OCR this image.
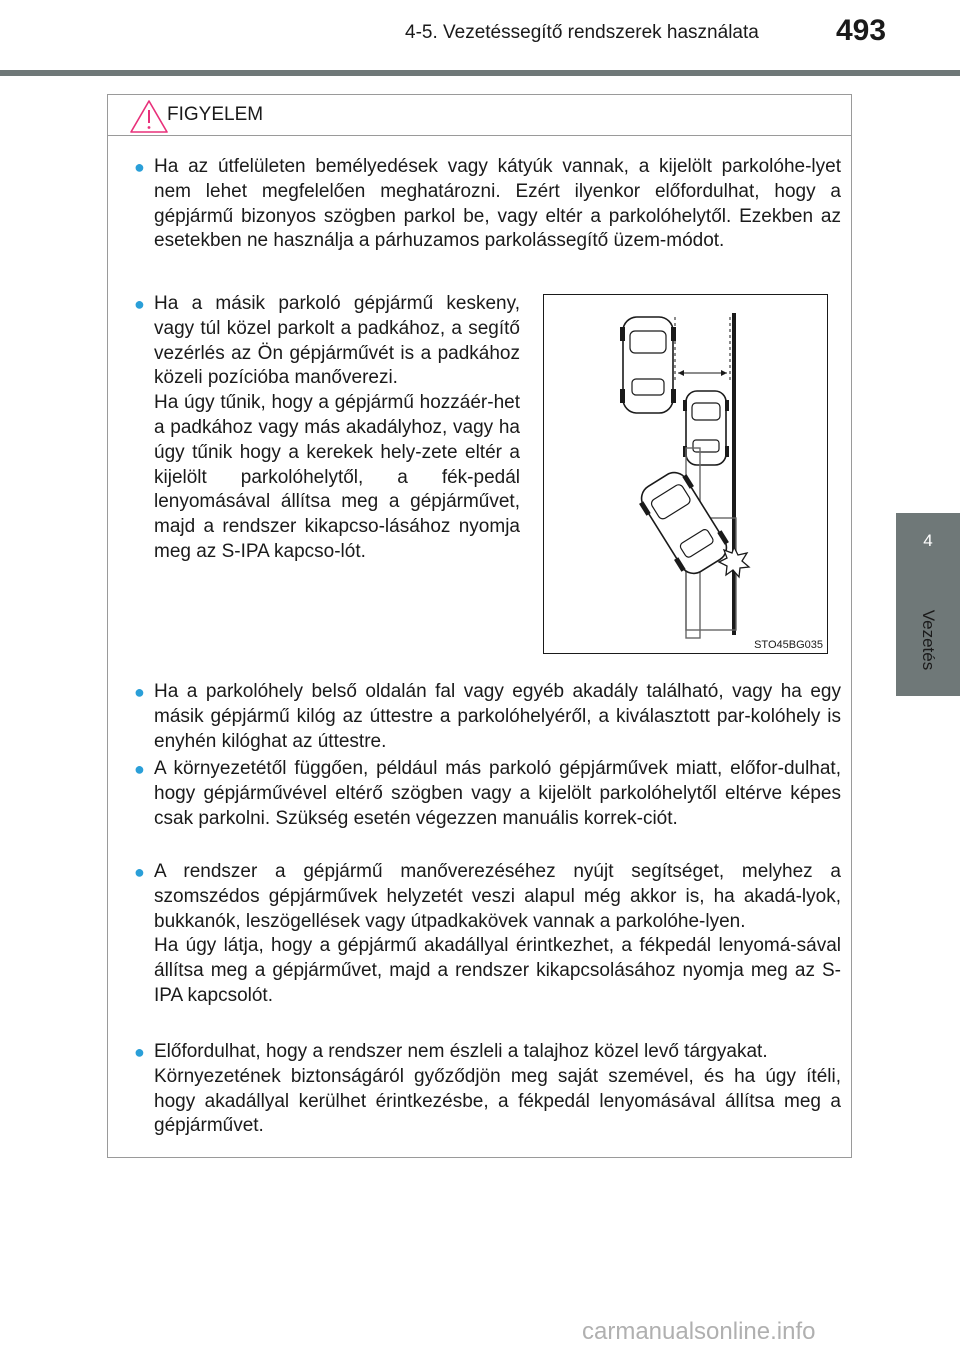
4-5. Vezetéssegítő rendszerek használata	493
4
Vezetés
FIGYELEM
● Ha az útfelületen bemélyedések vagy kátyúk vannak, a kijelölt parkolóhe-lyet nem lehet megfelelően meghatározni. Ezért ilyenkor előfordulhat, hogy a gépjármű bizonyos szögben parkol be, vagy eltér a parkolóhelytől. Ezekben az esetekben ne használja a párhuzamos parkolássegítő üzem-módot.

● Ha a másik parkoló gépjármű keskeny, vagy túl közel parkolt a padkához, a segítő vezérlés az Ön gépjárművét is a padkához közeli pozícióba manőverezi.

Ha úgy tűnik, hogy a gépjármű hozzáér-het a padkához vagy más akadályhoz, vagy ha úgy tűnik hogy a kerekek hely-zete eltér a kijelölt parkolóhelytől, a fék-pedál lenyomásával állítsa meg a gépjárművet, majd a rendszer kikapcso-lásához nyomja meg az S-IPA kapcso-lót.

STO45BG035
● Ha a parkolóhely belső oldalán fal vagy egyéb akadály található, vagy ha egy másik gépjármű kilóg az úttestre a parkolóhelyéről, a kiválasztott par-kolóhely is enyhén kilóghat az úttestre.

● A környezetétől függően, például más parkoló gépjárművek miatt, előfor-dulhat, hogy gépjárművével eltérő szögben vagy a kijelölt parkolóhelytől eltérve képes csak parkolni. Szükség esetén végezzen manuális korrek-ciót.

● A rendszer a gépjármű manőverezéséhez nyújt segítséget, melyhez a szomszédos gépjárművek helyzetét veszi alapul még akkor is, ha akadá-lyok, bukkanók, leszögellések vagy útpadkakövek vannak a parkolóhe-lyen.

Ha úgy látja, hogy a gépjármű akadállyal érintkezhet, a fékpedál lenyomá-sával állítsa meg a gépjárművet, majd a rendszer kikapcsolásához nyomja meg az S-IPA kapcsolót.

● Előfordulhat, hogy a rendszer nem észleli a talajhoz közel levő tárgyakat.

Környezetének biztonságáról győződjön meg saját szemével, és ha úgy ítéli, hogy akadállyal kerülhet érintkezésbe, a fékpedál lenyomásával állítsa meg a gépjárművet.

carmanualsonline.info
